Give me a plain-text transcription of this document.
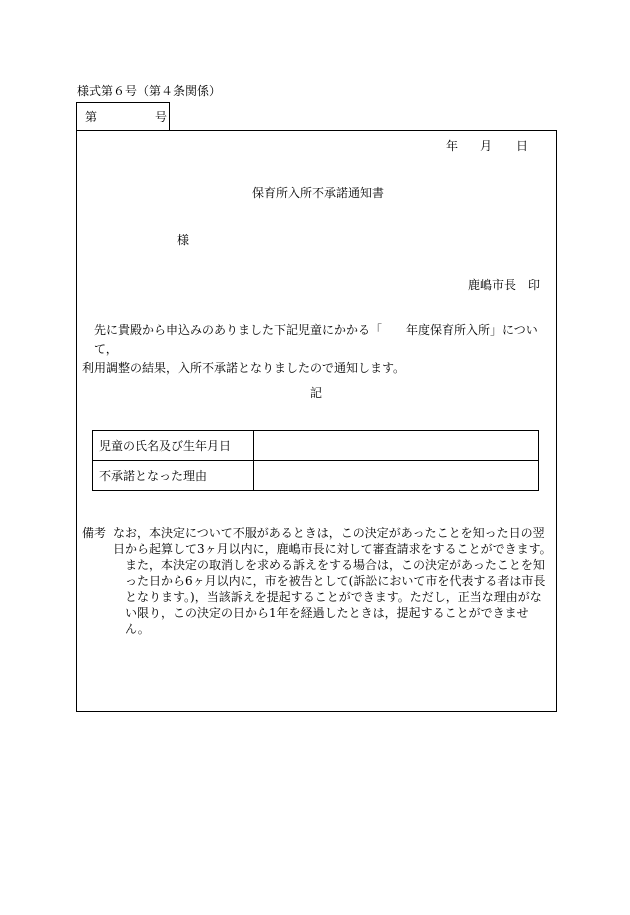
様式第６号（第４条関係）
第	号
年 月 日
保育所入所不承諾通知書
様
鹿嶋市長　印
先に貴殿から申込みのありました下記児童にかかる「　　年度保育所入所」について，
利用調整の結果，入所不承諾となりましたので通知します。
記
児童の氏名及び生年月日	
不承諾となった理由	
備考 なお，本決定について不服があるときは，この決定があったことを知った日の翌日から起算して3ヶ月以内に，鹿嶋市長に対して審査請求をすることができます。
また，本決定の取消しを求める訴えをする場合は，この決定があったことを知った日から6ヶ月以内に，市を被告として(訴訟において市を代表する者は市長となります。)，当該訴えを提起することができます。ただし，正当な理由がない限り，この決定の日から1年を経過したときは，提起することができません。
